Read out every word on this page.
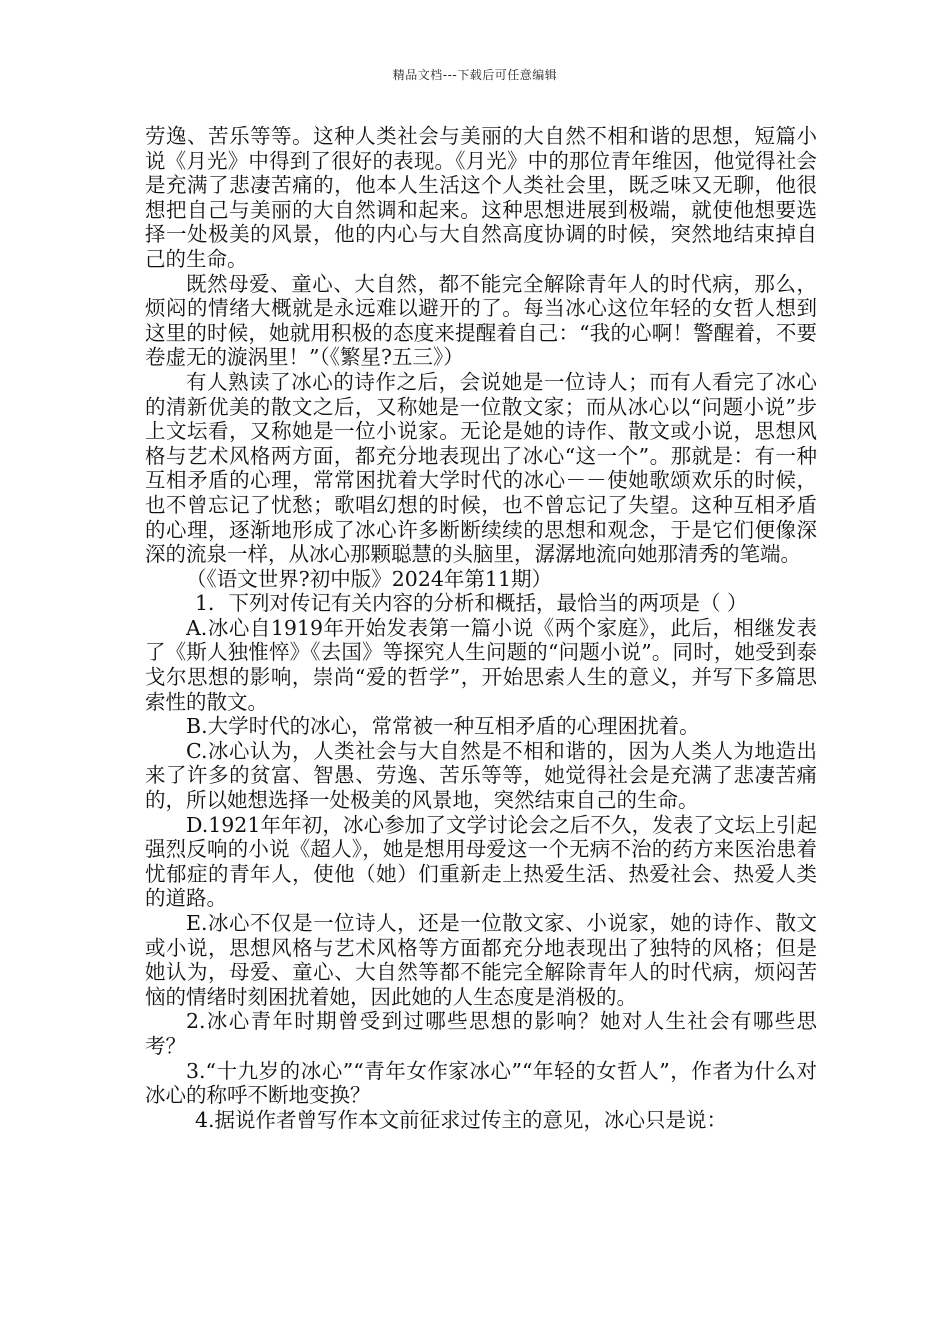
精品文档---下载后可任意编辑

劳逸、苦乐等等。这种人类社会与美丽的大自然不相和谐的思想，短篇小说《月光》中得到了很好的表现。《月光》中的那位青年维因，他觉得社会是充满了悲凄苦痛的，他本人生活这个人类社会里，既乏味又无聊，他很想把自己与美丽的大自然调和起来。这种思想进展到极端，就使他想要选择一处极美的风景，他的内心与大自然高度协调的时候，突然地结束掉自己的生命。

既然母爱、童心、大自然，都不能完全解除青年人的时代病，那么，烦闷的情绪大概就是永远难以避开的了。每当冰心这位年轻的女哲人想到这里的时候，她就用积极的态度来提醒着自己：“我的心啊！警醒着，不要卷虚无的漩涡里！”（《繁星?五三》）

有人熟读了冰心的诗作之后，会说她是一位诗人；而有人看完了冰心的清新优美的散文之后，又称她是一位散文家；而从冰心以“问题小说”步上文坛看，又称她是一位小说家。无论是她的诗作、散文或小说，思想风格与艺术风格两方面，都充分地表现出了冰心“这一个”。那就是：有一种互相矛盾的心理，常常困扰着大学时代的冰心－－使她歌颂欢乐的时候，也不曾忘记了忧愁；歌唱幻想的时候，也不曾忘记了失望。这种互相矛盾的心理，逐渐地形成了冰心许多断断续续的思想和观念，于是它们便像深深的流泉一样，从冰心那颗聪慧的头脑里，潺潺地流向她那清秀的笔端。

（《语文世界?初中版》2024年第11期）

1．下列对传记有关内容的分析和概括，最恰当的两项是（ ）

A.冰心自1919年开始发表第一篇小说《两个家庭》，此后，相继发表了《斯人独惟悴》《去国》等探究人生问题的“问题小说”。同时，她受到泰戈尔思想的影响，崇尚“爱的哲学”，开始思索人生的意义，并写下多篇思索性的散文。

B.大学时代的冰心，常常被一种互相矛盾的心理困扰着。

C.冰心认为，人类社会与大自然是不相和谐的，因为人类人为地造出来了许多的贫富、智愚、劳逸、苦乐等等，她觉得社会是充满了悲凄苦痛的，所以她想选择一处极美的风景地，突然结束自己的生命。

D.1921年年初，冰心参加了文学讨论会之后不久，发表了文坛上引起强烈反响的小说《超人》，她是想用母爱这一个无病不治的药方来医治患着忧郁症的青年人，使他（她）们重新走上热爱生活、热爱社会、热爱人类的道路。

E.冰心不仅是一位诗人，还是一位散文家、小说家，她的诗作、散文或小说，思想风格与艺术风格等方面都充分地表现出了独特的风格；但是她认为，母爱、童心、大自然等都不能完全解除青年人的时代病，烦闷苦恼的情绪时刻困扰着她，因此她的人生态度是消极的。

2.冰心青年时期曾受到过哪些思想的影响？她对人生社会有哪些思考？

3.“十九岁的冰心”“青年女作家冰心”“年轻的女哲人”，作者为什么对冰心的称呼不断地变换？

4.据说作者曾写作本文前征求过传主的意见，冰心只是说：
